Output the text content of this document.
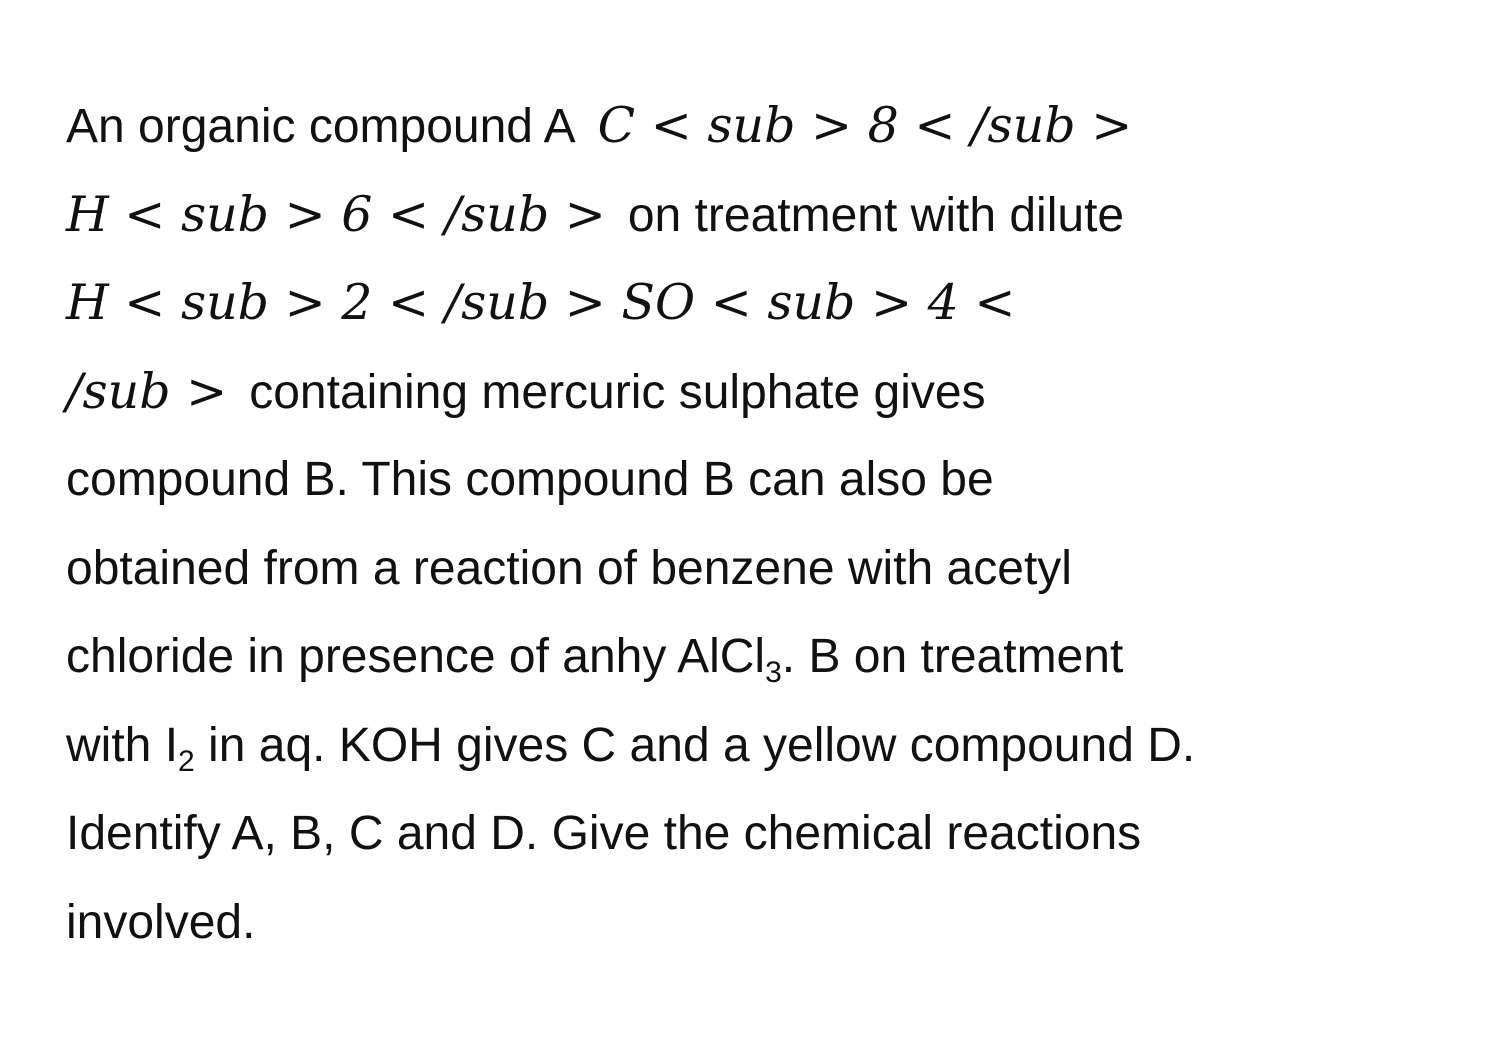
An organic compound A C < sub > 8 < /sub >
H < sub > 6 < /sub > on treatment with dilute
H < sub > 2 < /sub > SO < sub > 4 <
/sub > containing mercuric sulphate gives
compound B. This compound B can also be
obtained from a reaction of benzene with acetyl
chloride in presence of anhy AlCl$_3$. B on treatment
with $I_2$ in aq. KOH gives C and a yellow compound D.
Identify A, B, C and D. Give the chemical reactions
involved.
